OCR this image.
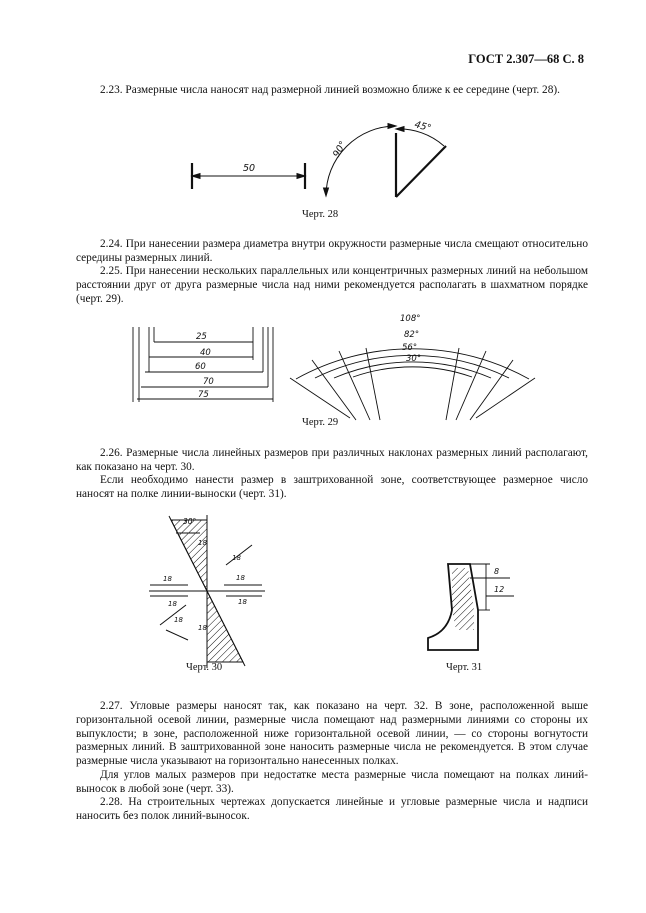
ГОСТ 2.307—68 С. 8

2.23. Размерные числа наносят над размерной линией возможно ближе к ее середине (черт. 28).

50
90°
45°
Черт. 28

2.24. При нанесении размера диаметра внутри окружности размерные числа смещают относительно середины размерных линий.

2.25. При нанесении нескольких параллельных или концентричных размерных линий на небольшом расстоянии друг от друга размерные числа над ними рекомендуется располагать в шахматном порядке (черт. 29).

25
40
60
70
75
108°
82°
56°
30°
Черт. 29

2.26. Размерные числа линейных размеров при различных наклонах размерных линий располагают, как показано на черт. 30.

Если необходимо нанести размер в заштрихованной зоне, соответствующее размерное число наносят на полке линии-выноски (черт. 31).

30°
18
18	18
18
18	18
18
18
8
12
Черт. 30	Черт. 31

2.27. Угловые размеры наносят так, как показано на черт. 32. В зоне, расположенной выше горизонтальной осевой линии, размерные числа помещают над размерными линиями со стороны их выпуклости; в зоне, расположенной ниже горизонтальной осевой линии, — со стороны вогнутости размерных линий. В заштрихованной зоне наносить размерные числа не рекомендуется. В этом случае размерные числа указывают на горизонтально нанесенных полках.

Для углов малых размеров при недостатке места размерные числа помещают на полках линий-выносок в любой зоне (черт. 33).

2.28. На строительных чертежах допускается линейные и угловые размерные числа и надписи наносить без полок линий-выносок.
